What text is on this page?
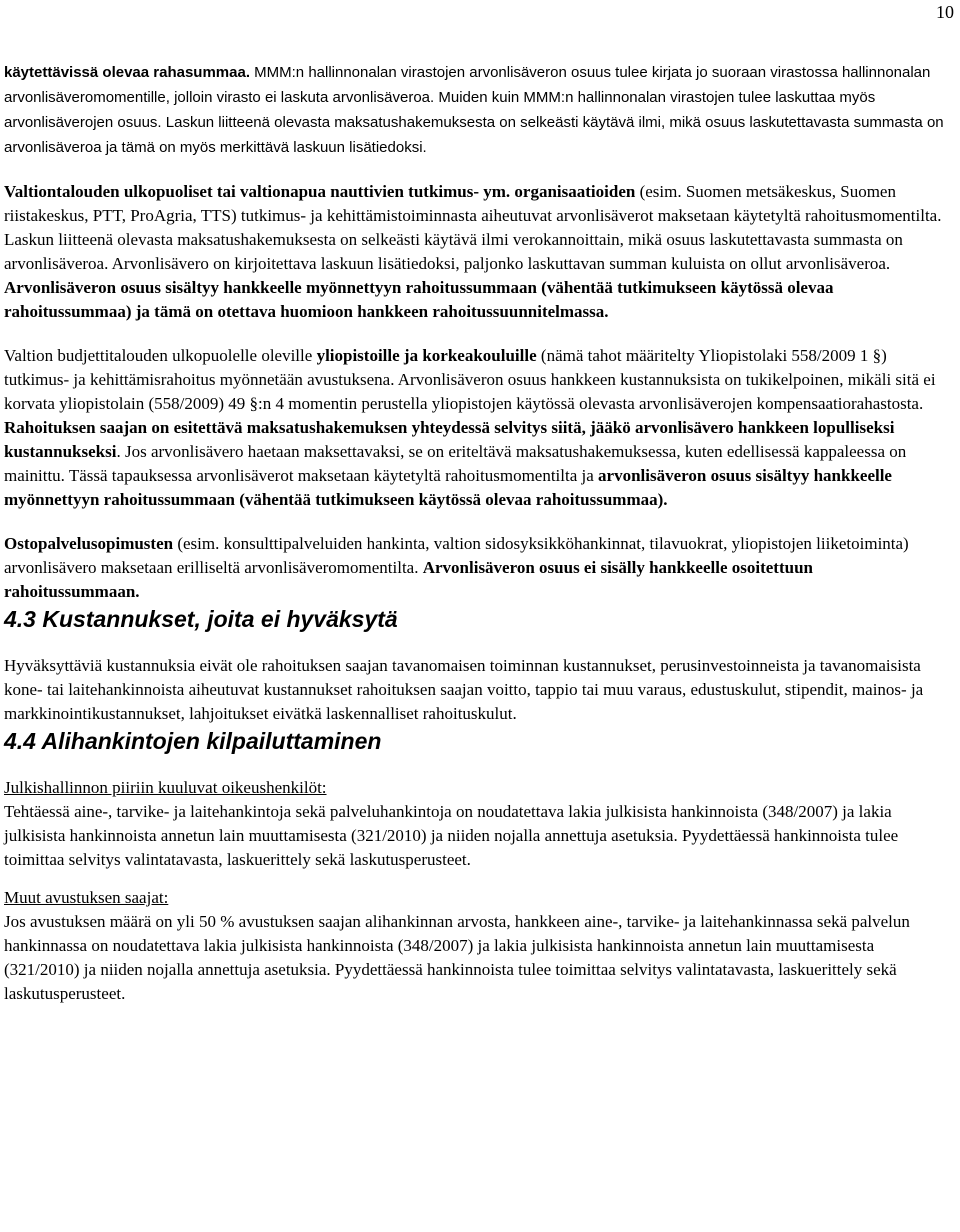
10

käytettävissä olevaa rahasummaa. MMM:n hallinnonalan virastojen arvonlisäveron osuus tulee kirjata jo suoraan virastossa hallinnonalan arvonlisäveromomentille, jolloin virasto ei laskuta arvonlisäveroa. Muiden kuin MMM:n hallinnonalan virastojen tulee laskuttaa myös arvonlisäverojen osuus. Laskun liitteenä olevasta maksatushakemuksesta on selkeästi käytävä ilmi, mikä osuus laskutettavasta summasta on arvonlisäveroa ja tämä on myös merkittävä laskuun lisätiedoksi.

Valtiontalouden ulkopuoliset tai valtionapua nauttivien tutkimus- ym. organisaatioiden (esim. Suomen metsäkeskus, Suomen riistakeskus, PTT, ProAgria, TTS) tutkimus- ja kehittämistoiminnasta aiheutuvat arvonlisäverot maksetaan käytetyltä rahoitusmomentilta. Laskun liitteenä olevasta maksatushakemuksesta on selkeästi käytävä ilmi verokannoittain, mikä osuus laskutettavasta summasta on arvonlisäveroa. Arvonlisävero on kirjoitettava laskuun lisätiedoksi, paljonko laskuttavan summan kuluista on ollut arvonlisäveroa. Arvonlisäveron osuus sisältyy hankkeelle myönnettyyn rahoitussummaan (vähentää tutkimukseen käytössä olevaa rahoitussummaa) ja tämä on otettava huomioon hankkeen rahoitussuunnitelmassa.

Valtion budjettitalouden ulkopuolelle oleville yliopistoille ja korkeakouluille (nämä tahot määritelty Yliopistolaki 558/2009 1 §) tutkimus- ja kehittämisrahoitus myönnetään avustuksena. Arvonlisäveron osuus hankkeen kustannuksista on tukikelpoinen, mikäli sitä ei korvata yliopistolain (558/2009) 49 §:n 4 momentin perustella yliopistojen käytössä olevasta arvonlisäverojen kompensaatiorahastosta. Rahoituksen saajan on esitettävä maksatushakemuksen yhteydessä selvitys siitä, jääkö arvonlisävero hankkeen lopulliseksi kustannukseksi. Jos arvonlisävero haetaan maksettavaksi, se on eriteltävä maksatushakemuksessa, kuten edellisessä kappaleessa on mainittu. Tässä tapauksessa arvonlisäverot maksetaan käytetyltä rahoitusmomentilta ja arvonlisäveron osuus sisältyy hankkeelle myönnettyyn rahoitussummaan (vähentää tutkimukseen käytössä olevaa rahoitussummaa).

Ostopalvelusopimusten (esim. konsulttipalveluiden hankinta, valtion sidosyksikköhankinnat, tilavuokrat, yliopistojen liiketoiminta) arvonlisävero maksetaan erilliseltä arvonlisäveromomentilta. Arvonlisäveron osuus ei sisälly hankkeelle osoitettuun rahoitussummaan.

4.3 Kustannukset, joita ei hyväksytä

Hyväksyttäviä kustannuksia eivät ole rahoituksen saajan tavanomaisen toiminnan kustannukset, perusinvestoinneista ja tavanomaisista kone- tai laitehankinnoista aiheutuvat kustannukset rahoituksen saajan voitto, tappio tai muu varaus, edustuskulut, stipendit, mainos- ja markkinointikustannukset, lahjoitukset eivätkä laskennalliset rahoituskulut.

4.4 Alihankintojen kilpailuttaminen

Julkishallinnon piiriin kuuluvat oikeushenkilöt:
Tehtäessä aine-, tarvike- ja laitehankintoja sekä palveluhankintoja on noudatettava lakia julkisista hankinnoista (348/2007) ja lakia julkisista hankinnoista annetun lain muuttamisesta (321/2010) ja niiden nojalla annettuja asetuksia. Pyydettäessä hankinnoista tulee toimittaa selvitys valintatavasta, laskuerittely sekä laskutusperusteet.

Muut avustuksen saajat:
Jos avustuksen määrä on yli 50 % avustuksen saajan alihankinnan arvosta, hankkeen aine-, tarvike- ja laitehankinnassa sekä palvelun hankinnassa on noudatettava lakia julkisista hankinnoista (348/2007) ja lakia julkisista hankinnoista annetun lain muuttamisesta (321/2010) ja niiden nojalla annettuja asetuksia. Pyydettäessä hankinnoista tulee toimittaa selvitys valintatavasta, laskuerittely sekä laskutusperusteet.
